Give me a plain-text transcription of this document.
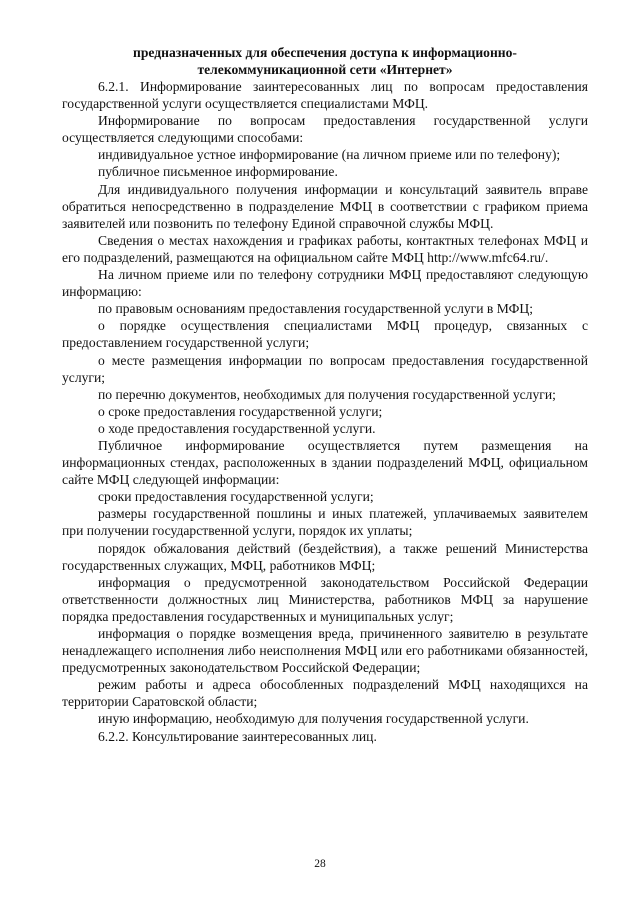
предназначенных для обеспечения доступа к информационно-
телекоммуникационной сети «Интернет»

6.2.1. Информирование заинтересованных лиц по вопросам предоставления государственной услуги осуществляется специалистами МФЦ.

Информирование по вопросам предоставления государственной услуги осуществляется следующими способами:

индивидуальное устное информирование (на личном приеме или по телефону);

публичное письменное информирование.

Для индивидуального получения информации и консультаций заявитель вправе обратиться непосредственно в подразделение МФЦ в соответствии с графиком приема заявителей или позвонить по телефону Единой справочной службы МФЦ.

Сведения о местах нахождения и графиках работы, контактных телефонах МФЦ и его подразделений, размещаются на официальном сайте МФЦ http://www.mfc64.ru/.

На личном приеме или по телефону сотрудники МФЦ предоставляют следующую информацию:

по правовым основаниям предоставления государственной услуги в МФЦ;

о порядке осуществления специалистами МФЦ процедур, связанных с предоставлением государственной услуги;

о месте размещения информации по вопросам предоставления государственной услуги;

по перечню документов, необходимых для получения государственной услуги;

о сроке предоставления государственной услуги;

о ходе предоставления государственной услуги.

Публичное информирование осуществляется путем размещения на информационных стендах, расположенных в здании подразделений МФЦ, официальном сайте МФЦ следующей информации:

сроки предоставления государственной услуги;

размеры государственной пошлины и иных платежей, уплачиваемых заявителем при получении государственной услуги, порядок их уплаты;

порядок обжалования действий (бездействия), а также решений Министерства государственных служащих, МФЦ, работников МФЦ;

информация о предусмотренной законодательством Российской Федерации ответственности должностных лиц Министерства, работников МФЦ за нарушение порядка предоставления государственных и муниципальных услуг;

информация о порядке возмещения вреда, причиненного заявителю в результате ненадлежащего исполнения либо неисполнения МФЦ или его работниками обязанностей, предусмотренных законодательством Российской Федерации;

режим работы и адреса обособленных подразделений МФЦ находящихся на территории Саратовской области;

иную информацию, необходимую для получения государственной услуги.

6.2.2. Консультирование заинтересованных лиц.

28
